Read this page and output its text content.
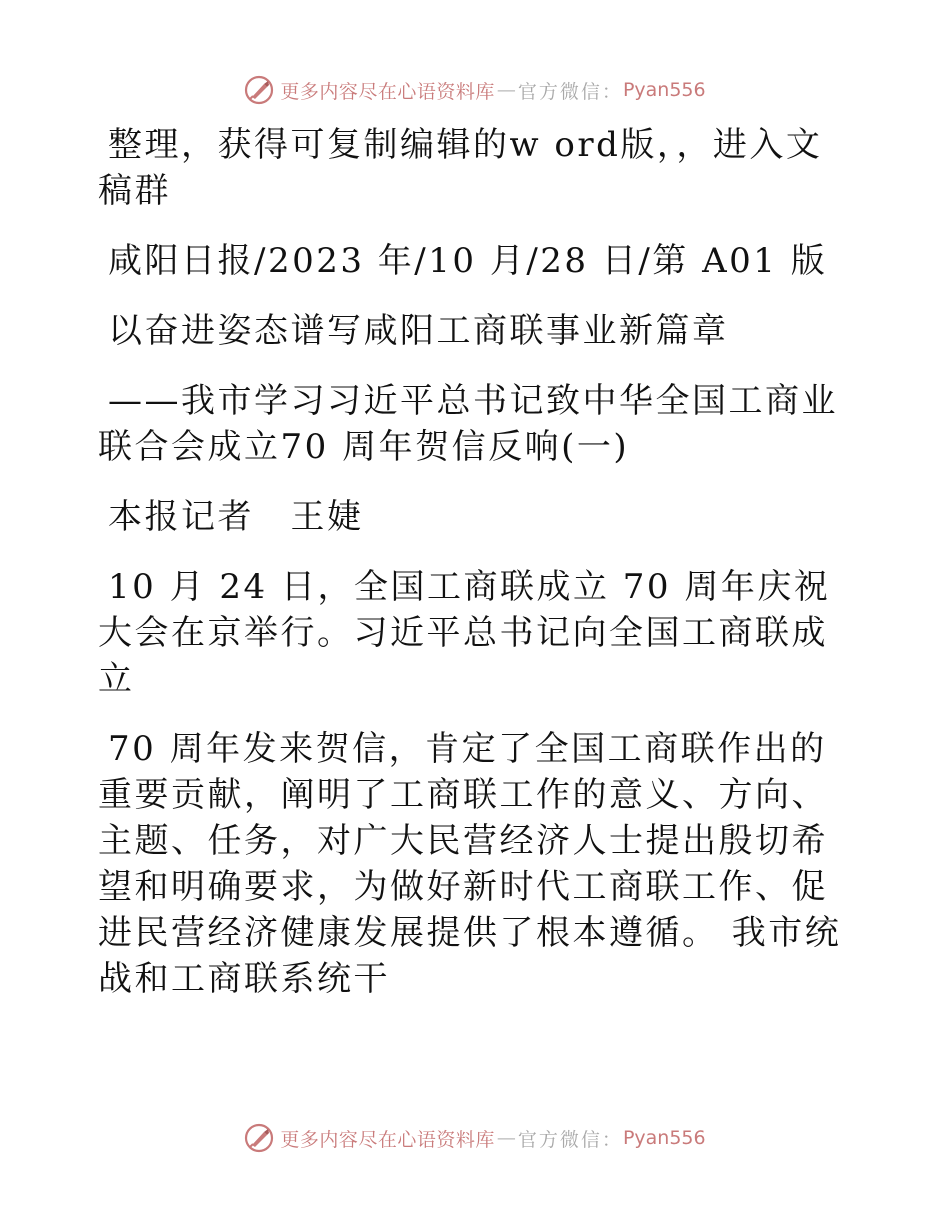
更多内容尽在心语资料库 — 官方微信： Pyan556

整理，获得可复制编辑的w ord版，，进入文稿群

咸阳日报/2023 年/10 月/28 日/第 A01 版

以奋进姿态谱写咸阳工商联事业新篇章

——我市学习习近平总书记致中华全国工商业联合会成立70 周年贺信反响(一)

本报记者　王婕

10 月 24 日，全国工商联成立 70 周年庆祝大会在京举行。习近平总书记向全国工商联成立

70 周年发来贺信，肯定了全国工商联作出的重要贡献，阐明了工商联工作的意义、方向、主题、任务，对广大民营经济人士提出殷切希望和明确要求，为做好新时代工商联工作、促进民营经济健康发展提供了根本遵循。 我市统战和工商联系统干

更多内容尽在心语资料库 — 官方微信： Pyan556
